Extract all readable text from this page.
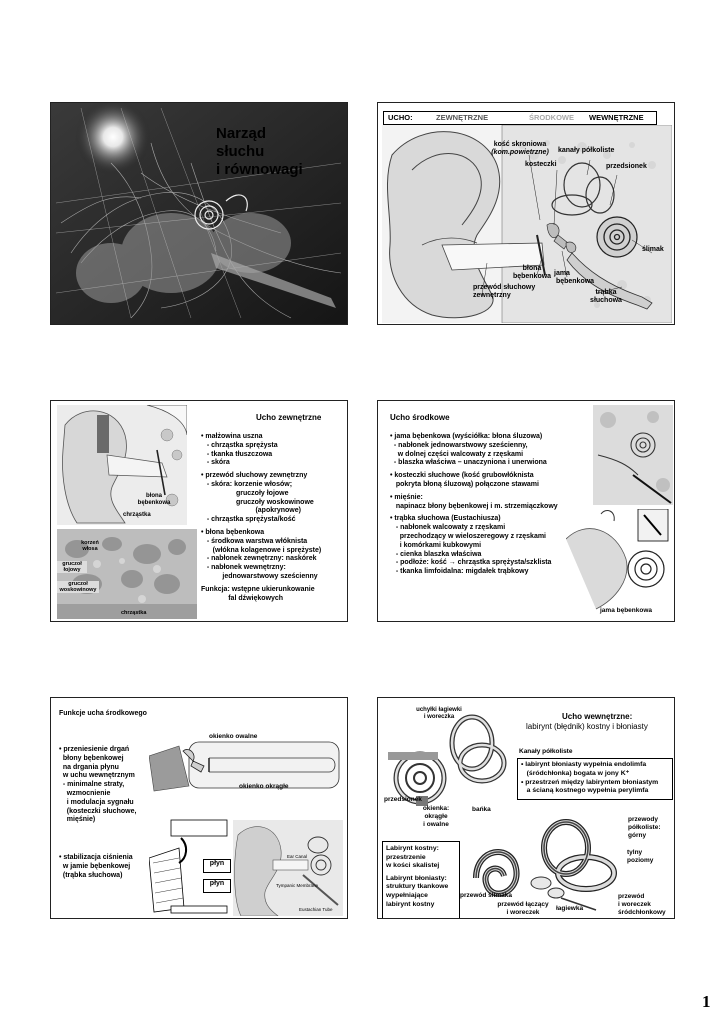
Narząd
słuchu
i równowagi
UCHO:	ZEWNĘTRZNE	ŚRODKOWE WEWNĘTRZNE
kość skroniowa
(kom.powietrzne) kanały półkoliste
kosteczki	przedsionek
ślimak
błona
bębenkowa jama
bębenkowa
przewód słuchowy
zewnętrzny	trąbka
słuchowa
błona
bębenkowa
chrząstka
korzeń
włosa
gruczoł
łojowy
gruczoł
woskowinowy
chrząstka
Ucho zewnętrzne
• małżowina uszna
- chrząstka sprężysta
- tkanka tłuszczowa
- skóra

• przewód słuchowy zewnętrzny
- skóra: korzenie włosów;
gruczoły łojowe
gruczoły woskowinowe
(apokrynowe)
- chrząstka sprężysta/kość

• błona bębenkowa
- środkowa warstwa włóknista
(włókna kolagenowe i sprężyste)
- nabłonek zewnętrzny: naskórek
- nabłonek wewnętrzny:
jednowarstwowy sześcienny

Funkcja: wstępne ukierunkowanie
fal dźwiękowych
Ucho środkowe
• jama bębenkowa (wyściółka: błona śluzowa)
- nabłonek jednowarstwowy sześcienny,
w dolnej części walcowaty z rzęskami
- blaszka właściwa – unaczyniona i unerwiona

• kosteczki słuchowe (kość grubowłóknista
pokryta błoną śluzową) połączone stawami

• mięśnie:
napinacz błony bębenkowej i m. strzemiączkowy

• trąbka słuchowa (Eustachiusza)
- nabłonek walcowaty z rzęskami
przechodzący w wieloszeregowy z rzęskami
i komórkami kubkowymi
- cienka blaszka właściwa
- podłoże: kość → chrząstka sprężysta/szklista
- tkanka limfoidalna: migdałek trąbkowy
jama bębenkowa
Funkcje ucha środkowego
okienko owalne
okienko okrągłe
• przeniesienie drgań
błony bębenkowej
na drgania płynu
w uchu wewnętrznym
- minimalne straty,
wzmocnienie
i modulacja sygnału
(kosteczki słuchowe,
mięśnie)
• stabilizacja ciśnienia
w jamie bębenkowej
(trąbka słuchowa)
płyn
płyn
Ear Canal
Tympanic Membrane
Eustachian Tube
uchyłki łagiewki
i woreczka	Ucho wewnętrzne:
labirynt (błędnik) kostny i błoniasty
Kanały półkoliste
• labirynt błoniasty wypełnia endolimfa
(śródchłonka) bogata w jony K⁺
• przestrzeń między labiryntem błoniastym
a ścianą kostnego wypełnia perylimfa
przedsionek
bańka
okienka:
okrągłe
i owalne
przewody
półkoliste:
górny
tylny
poziomy
Labirynt kostny:
przestrzenie
w kości skalistej

Labirynt błoniasty:
struktury tkankowe
wypełniające
labirynt kostny
przewód ślimaka
przewód łączący
i woreczek
łagiewka
przewód
i woreczek
śródchłonkowy
1
